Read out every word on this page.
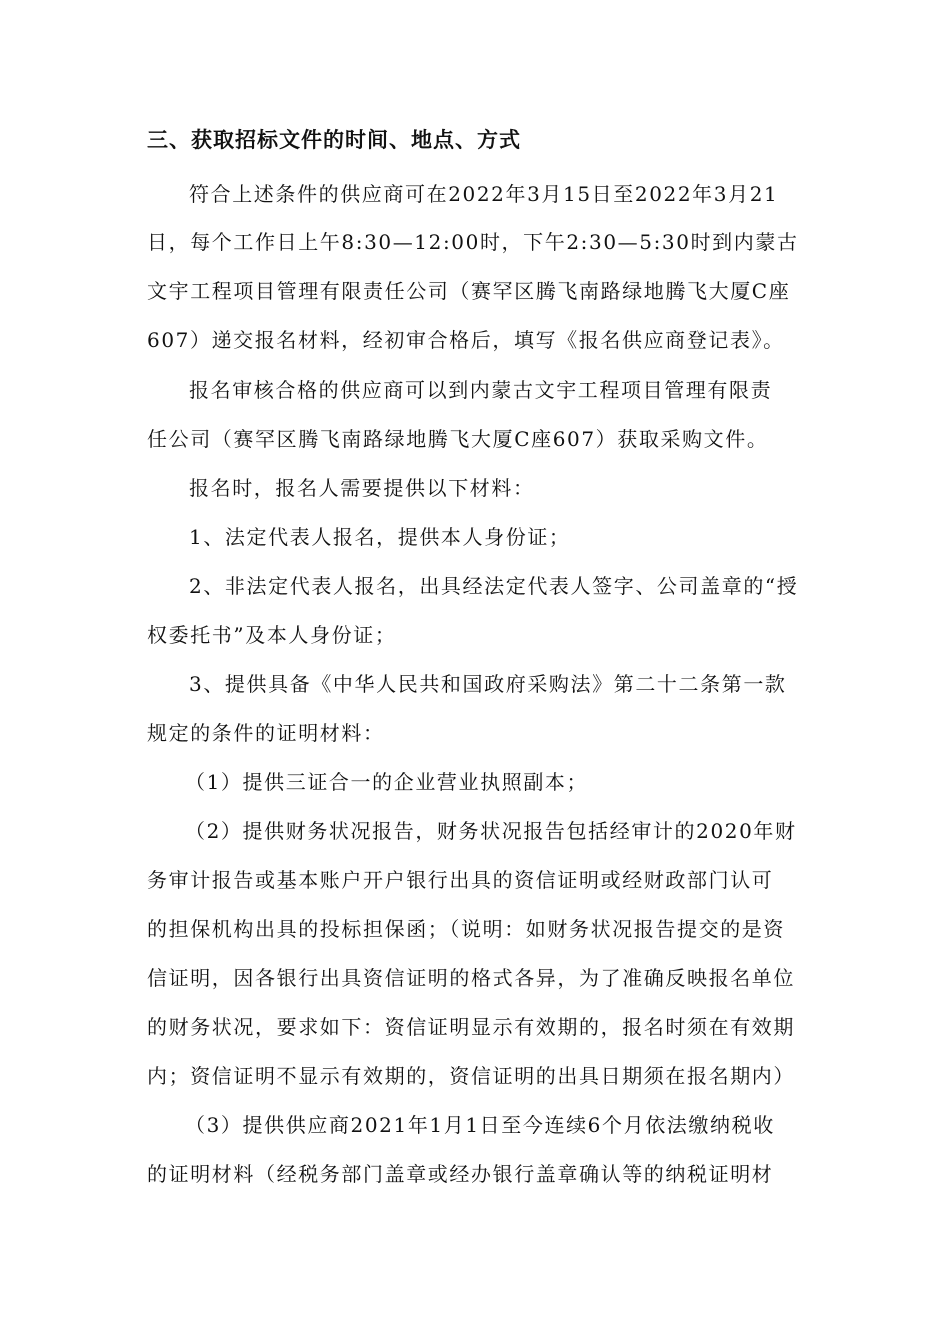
三、获取招标文件的时间、地点、方式
符合上述条件的供应商可在2022年3月15日至2022年3月21
日，每个工作日上午8:30—12:00时，下午2:30—5:30时到内蒙古
文宇工程项目管理有限责任公司（赛罕区腾飞南路绿地腾飞大厦C座
607）递交报名材料，经初审合格后，填写《报名供应商登记表》。
报名审核合格的供应商可以到内蒙古文宇工程项目管理有限责
任公司（赛罕区腾飞南路绿地腾飞大厦C座607）获取采购文件。
报名时，报名人需要提供以下材料：
1、法定代表人报名，提供本人身份证；
2、非法定代表人报名，出具经法定代表人签字、公司盖章的“授
权委托书”及本人身份证；
3、提供具备《中华人民共和国政府采购法》第二十二条第一款
规定的条件的证明材料：
（1）提供三证合一的企业营业执照副本；
（2）提供财务状况报告，财务状况报告包括经审计的2020年财
务审计报告或基本账户开户银行出具的资信证明或经财政部门认可
的担保机构出具的投标担保函；（说明：如财务状况报告提交的是资
信证明，因各银行出具资信证明的格式各异，为了准确反映报名单位
的财务状况，要求如下：资信证明显示有效期的，报名时须在有效期
内；资信证明不显示有效期的，资信证明的出具日期须在报名期内）
（3）提供供应商2021年1月1日至今连续6个月依法缴纳税收
的证明材料（经税务部门盖章或经办银行盖章确认等的纳税证明材
